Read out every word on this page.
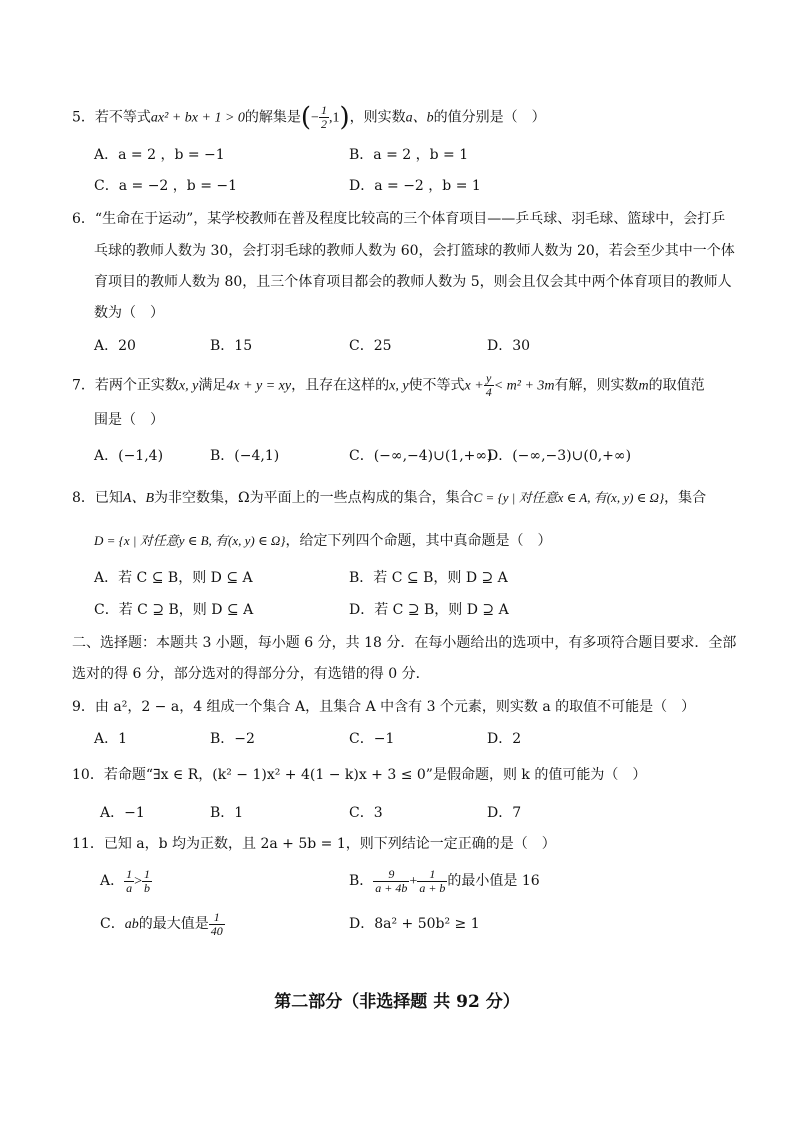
5．若不等式ax² + bx + 1 > 0的解集是(− $\frac{1}{2} ,1$)，则实数a、b的值分别是（　）
A．a = 2 ，b = −1	B．a = 2 ，b = 1
C．a = −2 ，b = −1	D．a = −2 ，b = 1
6．“生命在于运动”，某学校教师在普及程度比较高的三个体育项目——乒乓球、羽毛球、篮球中，会打乒
乓球的教师人数为 30，会打羽毛球的教师人数为 60，会打篮球的教师人数为 20，若会至少其中一个体
育项目的教师人数为 80，且三个体育项目都会的教师人数为 5，则会且仅会其中两个体育项目的教师人
数为（　）
A．20	B．15	C．25	D．30
7．若两个正实数x, y满足4x + y = xy，且存在这样的x, y使不等式$x + \frac{y}{4} < m^2 + 3m$有解，则实数m的取值范
围是（　）
A．(−1,4)	B．(−4,1)	C．(−∞,−4)∪(1,+∞)
D．(−∞,−3)∪(0,+∞)
8．已知A、B为非空数集，Ω为平面上的一些点构成的集合，集合C = {y | 对任意x ∈ A, 有(x, y) ∈ Ω}，集合
D = {x | 对任意y ∈ B, 有(x, y) ∈ Ω}，给定下列四个命题，其中真命题是（　）
A．若 C ⊆ B，则 D ⊆ A	B．若 C ⊆ B，则 D ⊇ A
C．若 C ⊇ B，则 D ⊆ A	D．若 C ⊇ B，则 D ⊇ A
二、选择题：本题共 3 小题，每小题 6 分，共 18 分．在每小题给出的选项中，有多项符合题目要求．全部
选对的得 6 分，部分选对的得部分分，有选错的得 0 分．
9．由 a²，2 − a，4 组成一个集合 A，且集合 A 中含有 3 个元素，则实数 a 的取值不可能是（　）
A．1	B．−2	C．−1	D．2
10．若命题“∃x ∈ R，(k² − 1)x² + 4(1 − k)x + 3 ≤ 0”是假命题，则 k 的值可能为（　）
A．−1	B．1	C．3	D．7
11．已知 a，b 均为正数，且 2a + 5b = 1，则下列结论一定正确的是（　）
A． $\frac{1}{a} > \frac{1}{b}$	B． $\frac{9}{a + 4b} + \frac{1}{a + b}$ 的最小值是 16
C．ab的最大值是 $\frac{1}{40}$	D．8a² + 50b² ≥ 1
第二部分（非选择题 共 92 分）
